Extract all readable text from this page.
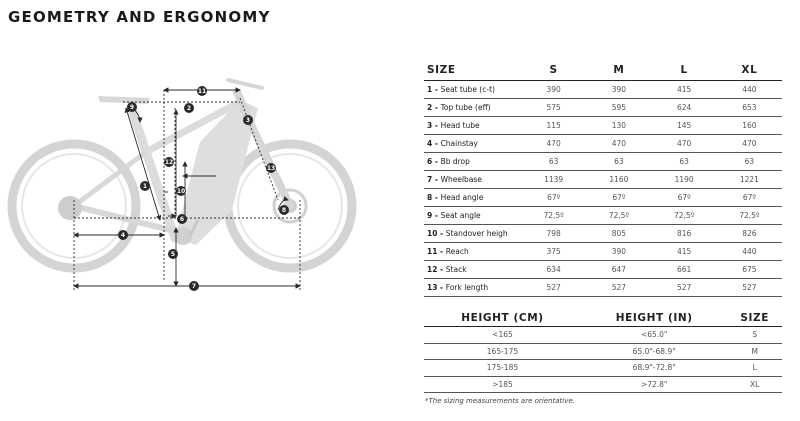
GEOMETRY AND ERGONOMY
1
2
3
4
5
6
7
8
9
10
11
12
13
SIZE	S	M	L	XL
1 - Seat tube (c-t)	390	390	415	440
2 - Top tube (eff)	575	595	624	653
3 - Head tube	115	130	145	160
4 - Chainstay	470	470	470	470
6 - Bb drop	63	63	63	63
7 - Wheelbase	1139	1160	1190	1221
8 - Head angle	67º	67º	67º	67º
9 - Seat angle	72,5º	72,5º	72,5º	72,5º
10 - Standover heigh	798	805	816	826
11 - Reach	375	390	415	440
12 - Stack	634	647	661	675
13 - Fork length	527	527	527	527
HEIGHT (CM)	HEIGHT (IN)	SIZE
<165	<65.0"	S
165-175	65.0"-68.9"	M
175-185	68.9"-72.8"	L
>185	>72.8"	XL
*The sizing measurements are orientative.
